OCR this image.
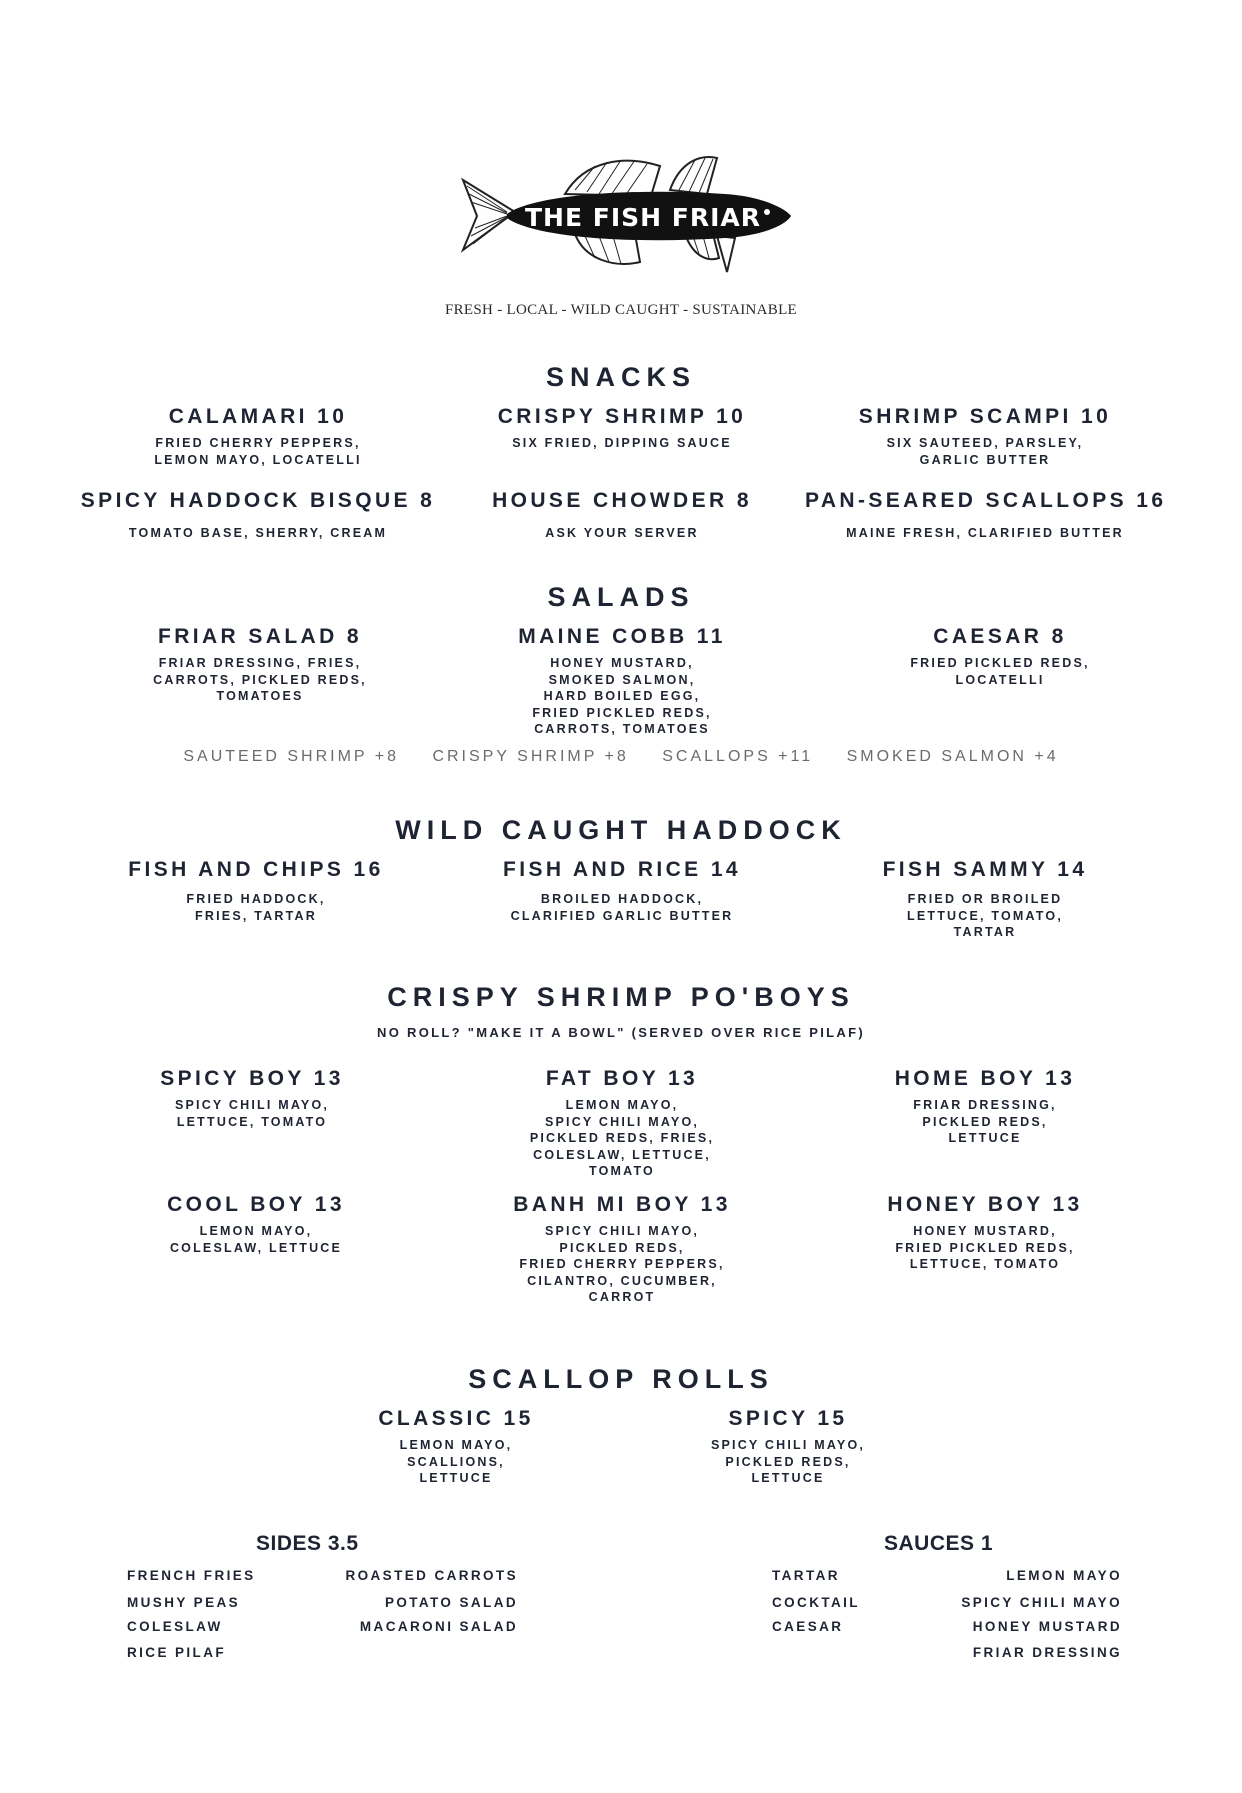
THE FISH FRIAR
FRESH - LOCAL - WILD CAUGHT - SUSTAINABLE
SNACKS
CALAMARI 10
FRIED CHERRY PEPPERS,
LEMON MAYO, LOCATELLI
CRISPY SHRIMP 10
SIX FRIED, DIPPING SAUCE
SHRIMP SCAMPI 10
SIX SAUTEED, PARSLEY,
GARLIC BUTTER
SPICY HADDOCK BISQUE 8
TOMATO BASE, SHERRY, CREAM
HOUSE CHOWDER 8
ASK YOUR SERVER
PAN-SEARED SCALLOPS 16
MAINE FRESH, CLARIFIED BUTTER
SALADS
FRIAR SALAD 8
FRIAR DRESSING, FRIES,
CARROTS, PICKLED REDS,
TOMATOES
MAINE COBB 11
HONEY MUSTARD,
SMOKED SALMON,
HARD BOILED EGG,
FRIED PICKLED REDS,
CARROTS, TOMATOES
CAESAR 8
FRIED PICKLED REDS,
LOCATELLI
SAUTEED SHRIMP +8 CRISPY SHRIMP +8 SCALLOPS +11 SMOKED SALMON +4
WILD CAUGHT HADDOCK
FISH AND CHIPS 16
FRIED HADDOCK,
FRIES, TARTAR
FISH AND RICE 14
BROILED HADDOCK,
CLARIFIED GARLIC BUTTER
FISH SAMMY 14
FRIED OR BROILED
LETTUCE, TOMATO,
TARTAR
CRISPY SHRIMP PO'BOYS
NO ROLL? "MAKE IT A BOWL" (SERVED OVER RICE PILAF)
SPICY BOY 13
SPICY CHILI MAYO,
LETTUCE, TOMATO
FAT BOY 13
LEMON MAYO,
SPICY CHILI MAYO,
PICKLED REDS, FRIES,
COLESLAW, LETTUCE,
TOMATO
HOME BOY 13
FRIAR DRESSING,
PICKLED REDS,
LETTUCE
COOL BOY 13
LEMON MAYO,
COLESLAW, LETTUCE
BANH MI BOY 13
SPICY CHILI MAYO,
PICKLED REDS,
FRIED CHERRY PEPPERS,
CILANTRO, CUCUMBER,
CARROT
HONEY BOY 13
HONEY MUSTARD,
FRIED PICKLED REDS,
LETTUCE, TOMATO
SCALLOP ROLLS
CLASSIC 15
LEMON MAYO,
SCALLIONS,
LETTUCE
SPICY 15
SPICY CHILI MAYO,
PICKLED REDS,
LETTUCE
SIDES 3.5
FRENCH FRIES
MUSHY PEAS
COLESLAW
RICE PILAF
ROASTED CARROTS
POTATO SALAD
MACARONI SALAD
SAUCES 1
TARTAR
COCKTAIL
CAESAR
LEMON MAYO
SPICY CHILI MAYO
HONEY MUSTARD
FRIAR DRESSING
